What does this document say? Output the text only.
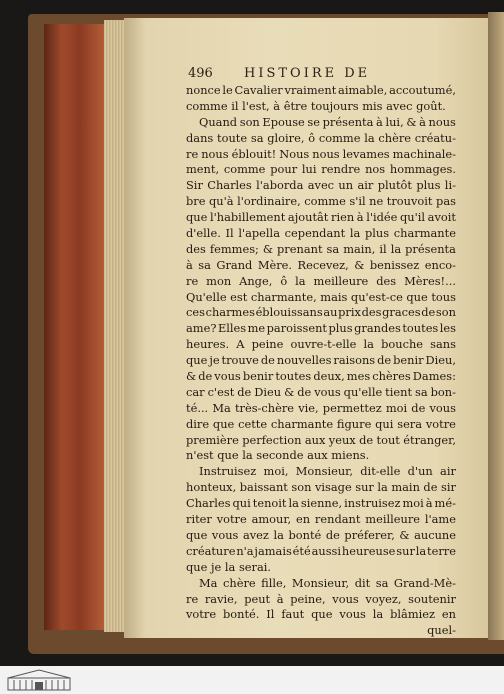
496 HISTOIRE DE
nonce le Cavalier vraiment aimable, accoutumé,
comme il l'est, à être toujours mis avec goût.
Quand son Epouse se présenta à lui, & à nous
dans toute sa gloire, ô comme la chère créatu-
re nous éblouit! Nous nous levames machinale-
ment, comme pour lui rendre nos hommages.
Sir Charles l'aborda avec un air plutôt plus li-
bre qu'à l'ordinaire, comme s'il ne trouvoit pas
que l'habillement ajoutât rien à l'idée qu'il avoit
d'elle. Il l'apella cependant la plus charmante
des femmes; & prenant sa main, il la présenta
à sa Grand Mère. Recevez, & benissez enco-
re mon Ange, ô la meilleure des Mères!...
Qu'elle est charmante, mais qu'est-ce que tous
ces charmes éblouissans au prix des graces de son
ame? Elles me paroissent plus grandes toutes les
heures. A peine ouvre-t-elle la bouche sans
que je trouve de nouvelles raisons de benir Dieu,
& de vous benir toutes deux, mes chères Dames:
car c'est de Dieu & de vous qu'elle tient sa bon-
té... Ma très-chère vie, permettez moi de vous
dire que cette charmante figure qui sera votre
première perfection aux yeux de tout étranger,
n'est que la seconde aux miens.
Instruisez moi, Monsieur, dit-elle d'un air
honteux, baissant son visage sur la main de sir
Charles qui tenoit la sienne, instruisez moi à mé-
riter votre amour, en rendant meilleure l'ame
que vous avez la bonté de préferer, & aucune
créature n'a jamais été aussi heureuse sur la terre
que je la serai.
Ma chère fille, Monsieur, dit sa Grand-Mè-
re ravie, peut à peine, vous voyez, soutenir
votre bonté. Il faut que vous la blâmiez en
quel-
